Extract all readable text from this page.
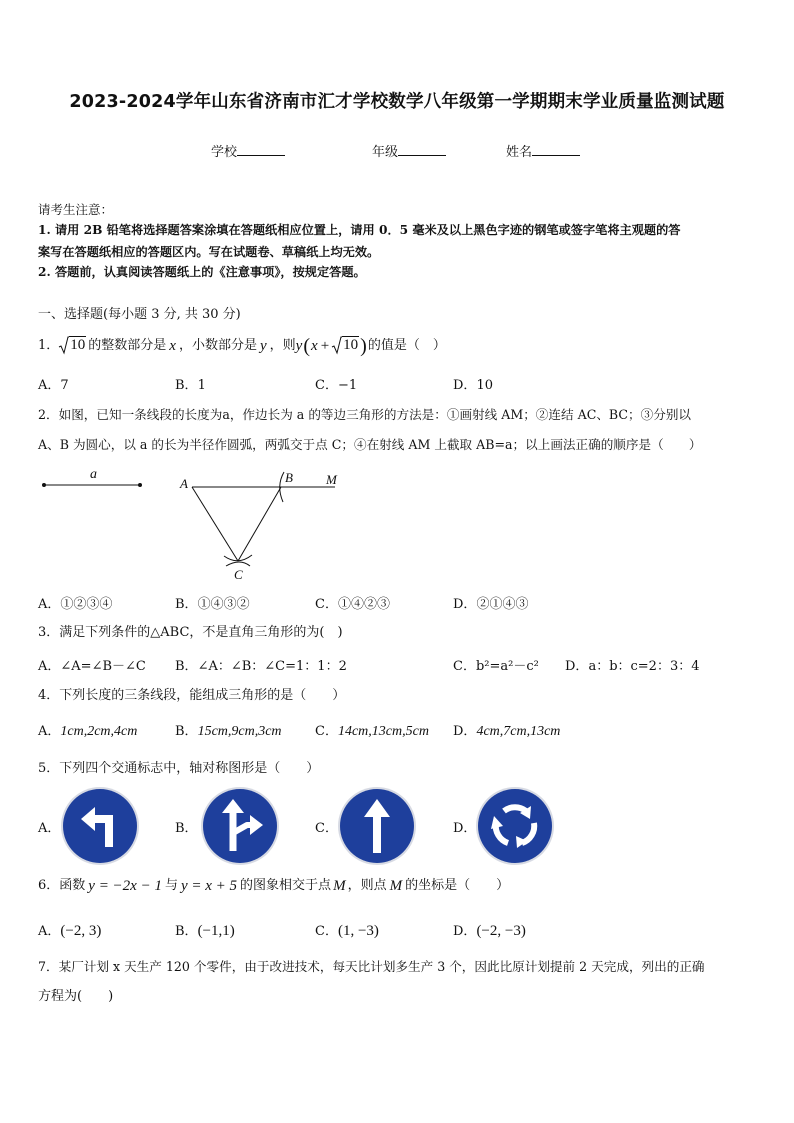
2023-2024学年山东省济南市汇才学校数学八年级第一学期期末学业质量监测试题
学校	年级	姓名
请考生注意：
1. 请用 2B 铅笔将选择题答案涂填在答题纸相应位置上，请用 0．5 毫米及以上黑色字迹的钢笔或签字笔将主观题的答
案写在答题纸相应的答题区内。写在试题卷、草稿纸上均无效。
2. 答题前，认真阅读答题纸上的《注意事项》，按规定答题。
一、选择题(每小题 3 分, 共 30 分)
1． 10 的整数部分是 x ，小数部分是 y ，则 y ( x + 10 ) 的值是（　）
A．7	B．1	C．−1	D．10
2．如图，已知一条线段的长度为a，作边长为 a 的等边三角形的方法是：①画射线 AM；②连结 AC、BC；③分别以
A、B 为圆心，以 a 的长为半径作圆弧，两弧交于点 C；④在射线 AM 上截取 AB=a；以上画法正确的顺序是（　　）
a
A	B	M
C
A．①②③④	B．①④③②	C．①④②③	D．②①④③
3．满足下列条件的△ABC，不是直角三角形的为(　)
A．∠A=∠B－∠C B．∠A：∠B：∠C=1：1：2	C．b²=a²－c² D．a：b：c=2：3：4
4．下列长度的三条线段，能组成三角形的是（　　）
A．1cm,2cm,4cm	B．15cm,9cm,3cm	C．14cm,13cm,5cm D．4cm,7cm,13cm
5．下列四个交通标志中，轴对称图形是（　　）
A．	B．	C．	D．
6．函数 y = −2x − 1 与 y = x + 5 的图象相交于点 M ，则点 M 的坐标是（　　）
A．(−2, 3)	B．(−1,1)	C．(1, −3)	D．(−2, −3)
7．某厂计划 x 天生产 120 个零件，由于改进技术，每天比计划多生产 3 个，因此比原计划提前 2 天完成，列出的正确
方程为(　　)
